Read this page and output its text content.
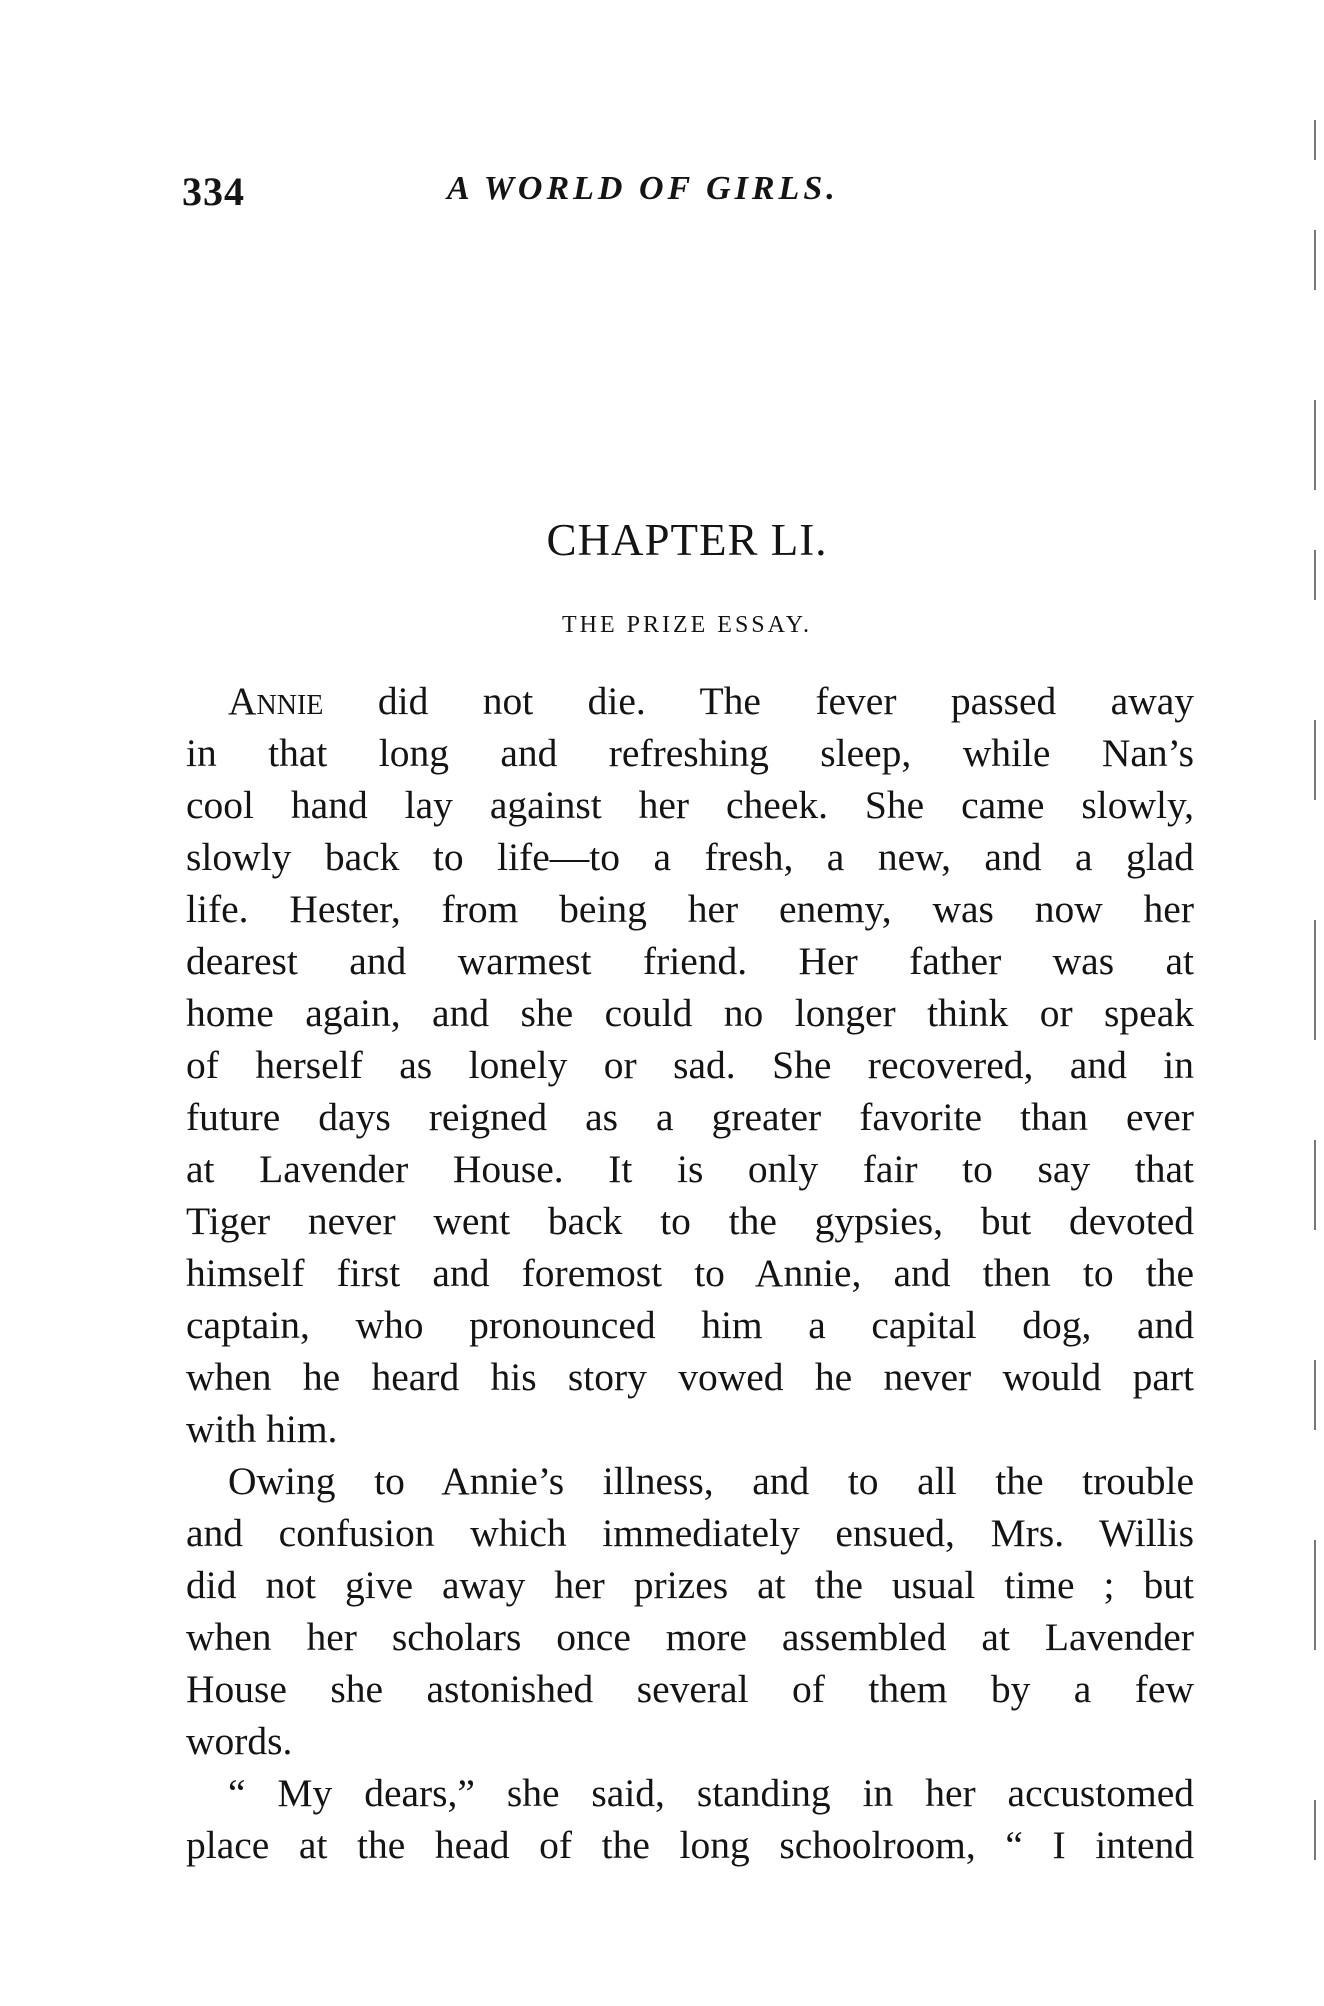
334	A WORLD OF GIRLS.
CHAPTER LI.
THE PRIZE ESSAY.
Annie did not die. The fever passed away
in that long and refreshing sleep, while Nan’s
cool hand lay against her cheek. She came slowly,
slowly back to life—to a fresh, a new, and a glad
life. Hester, from being her enemy, was now her
dearest and warmest friend. Her father was at
home again, and she could no longer think or speak
of herself as lonely or sad. She recovered, and in
future days reigned as a greater favorite than ever
at Lavender House. It is only fair to say that
Tiger never went back to the gypsies, but devoted
himself first and foremost to Annie, and then to the
captain, who pronounced him a capital dog, and
when he heard his story vowed he never would part
with him.
Owing to Annie’s illness, and to all the trouble
and confusion which immediately ensued, Mrs. Willis
did not give away her prizes at the usual time ; but
when her scholars once more assembled at Lavender
House she astonished several of them by a few
words.
“ My dears,” she said, standing in her accustomed
place at the head of the long schoolroom, “ I intend
